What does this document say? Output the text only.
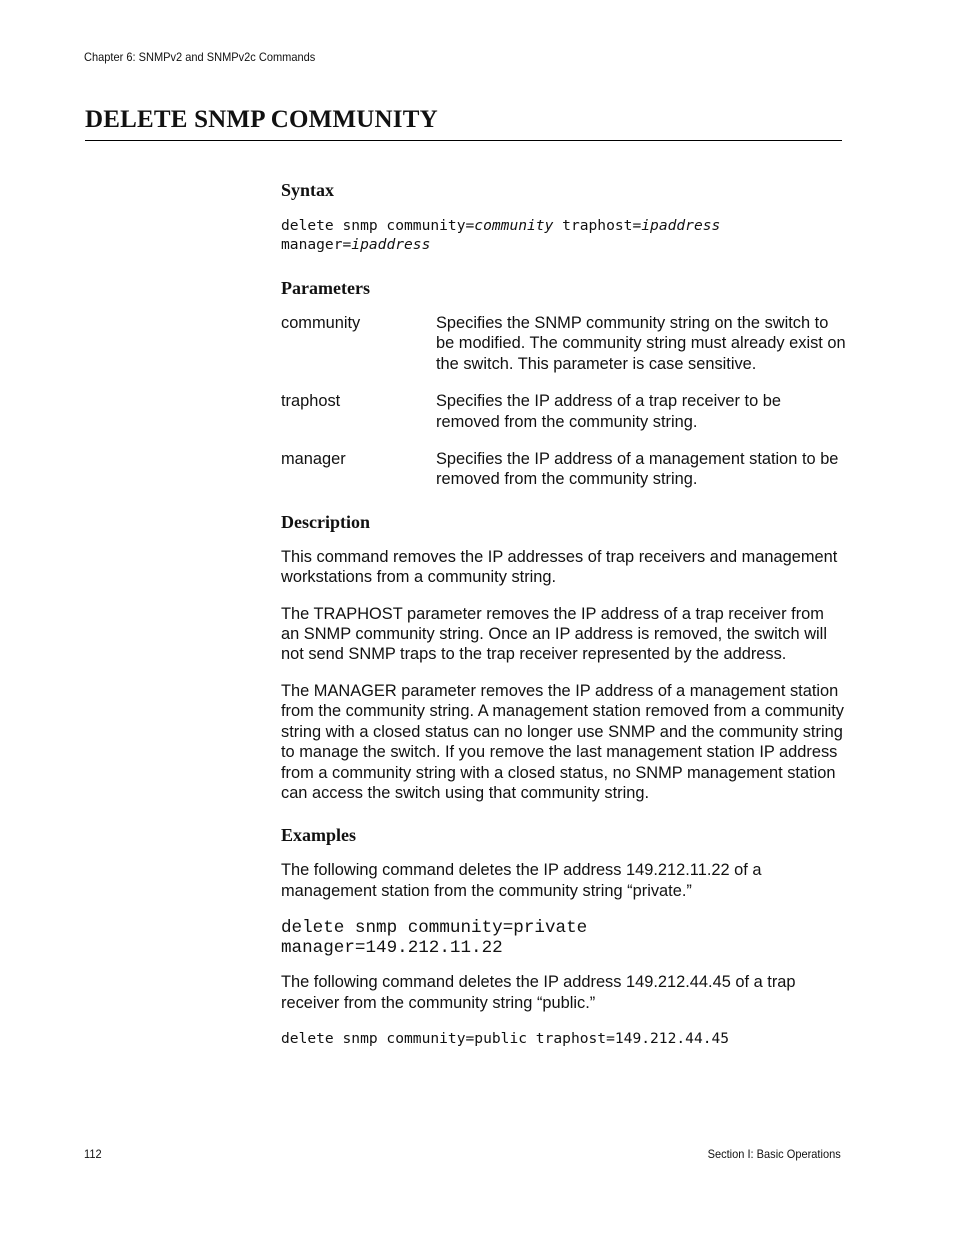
Chapter 6: SNMPv2 and SNMPv2c Commands
DELETE SNMP COMMUNITY
Syntax
delete snmp community=community traphost=ipaddress
manager=ipaddress
Parameters
community	Specifies the SNMP community string on the switch to be modified. The community string must already exist on the switch. This parameter is case sensitive.
traphost	Specifies the IP address of a trap receiver to be removed from the community string.
manager	Specifies the IP address of a management station to be removed from the community string.
Description

This command removes the IP addresses of trap receivers and management workstations from a community string.

The TRAPHOST parameter removes the IP address of a trap receiver from an SNMP community string. Once an IP address is removed, the switch will not send SNMP traps to the trap receiver represented by the address.

The MANAGER parameter removes the IP address of a management station from the community string. A management station removed from a community string with a closed status can no longer use SNMP and the community string to manage the switch. If you remove the last management station IP address from a community string with a closed status, no SNMP management station can access the switch using that community string.

Examples

The following command deletes the IP address 149.212.11.22 of a management station from the community string “private.”

delete snmp community=private
manager=149.212.11.22

The following command deletes the IP address 149.212.44.45 of a trap receiver from the community string “public.”

delete snmp community=public traphost=149.212.44.45
112	Section I: Basic Operations
